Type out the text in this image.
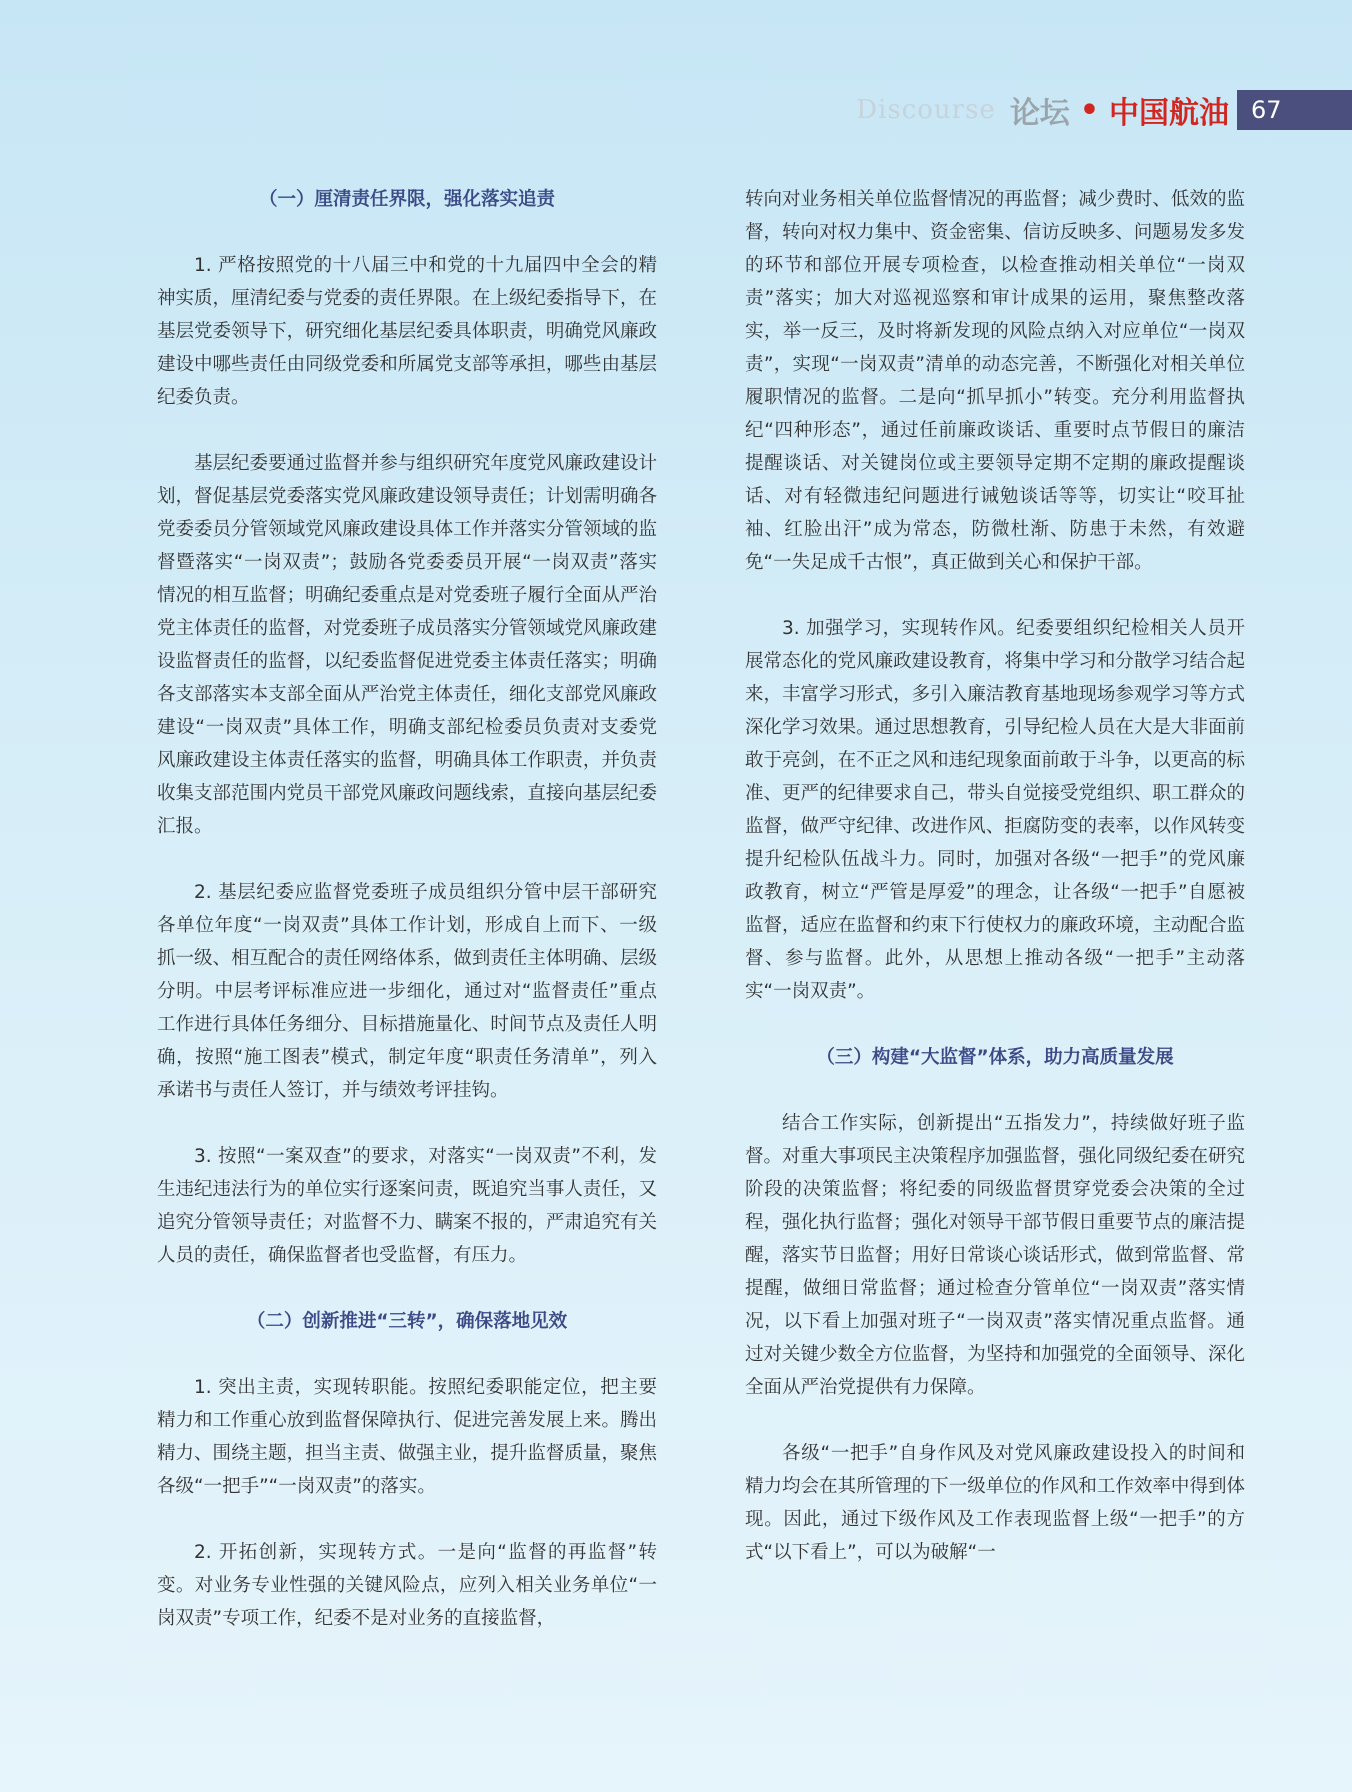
Discourse 论坛 • 中国航油 67
（一）厘清责任界限，强化落实追责

1. 严格按照党的十八届三中和党的十九届四中全会的精神实质，厘清纪委与党委的责任界限。在上级纪委指导下，在基层党委领导下，研究细化基层纪委具体职责，明确党风廉政建设中哪些责任由同级党委和所属党支部等承担，哪些由基层纪委负责。

基层纪委要通过监督并参与组织研究年度党风廉政建设计划，督促基层党委落实党风廉政建设领导责任；计划需明确各党委委员分管领域党风廉政建设具体工作并落实分管领域的监督暨落实“一岗双责”；鼓励各党委委员开展“一岗双责”落实情况的相互监督；明确纪委重点是对党委班子履行全面从严治党主体责任的监督，对党委班子成员落实分管领域党风廉政建设监督责任的监督，以纪委监督促进党委主体责任落实；明确各支部落实本支部全面从严治党主体责任，细化支部党风廉政建设“一岗双责”具体工作，明确支部纪检委员负责对支委党风廉政建设主体责任落实的监督，明确具体工作职责，并负责收集支部范围内党员干部党风廉政问题线索，直接向基层纪委汇报。

2. 基层纪委应监督党委班子成员组织分管中层干部研究各单位年度“一岗双责”具体工作计划，形成自上而下、一级抓一级、相互配合的责任网络体系，做到责任主体明确、层级分明。中层考评标准应进一步细化，通过对“监督责任”重点工作进行具体任务细分、目标措施量化、时间节点及责任人明确，按照“施工图表”模式，制定年度“职责任务清单”，列入承诺书与责任人签订，并与绩效考评挂钩。

3. 按照“一案双查”的要求，对落实“一岗双责”不利，发生违纪违法行为的单位实行逐案问责，既追究当事人责任，又追究分管领导责任；对监督不力、瞒案不报的，严肃追究有关人员的责任，确保监督者也受监督，有压力。

（二）创新推进“三转”，确保落地见效

1. 突出主责，实现转职能。按照纪委职能定位，把主要精力和工作重心放到监督保障执行、促进完善发展上来。腾出精力、围绕主题，担当主责、做强主业，提升监督质量，聚焦各级“一把手”“一岗双责”的落实。

2. 开拓创新，实现转方式。一是向“监督的再监督”转变。对业务专业性强的关键风险点，应列入相关业务单位“一岗双责”专项工作，纪委不是对业务的直接监督，

转向对业务相关单位监督情况的再监督；减少费时、低效的监督，转向对权力集中、资金密集、信访反映多、问题易发多发的环节和部位开展专项检查，以检查推动相关单位“一岗双责”落实；加大对巡视巡察和审计成果的运用，聚焦整改落实，举一反三，及时将新发现的风险点纳入对应单位“一岗双责”，实现“一岗双责”清单的动态完善，不断强化对相关单位履职情况的监督。二是向“抓早抓小”转变。充分利用监督执纪“四种形态”，通过任前廉政谈话、重要时点节假日的廉洁提醒谈话、对关键岗位或主要领导定期不定期的廉政提醒谈话、对有轻微违纪问题进行诫勉谈话等等，切实让“咬耳扯袖、红脸出汗”成为常态，防微杜渐、防患于未然，有效避免“一失足成千古恨”，真正做到关心和保护干部。

3. 加强学习，实现转作风。纪委要组织纪检相关人员开展常态化的党风廉政建设教育，将集中学习和分散学习结合起来，丰富学习形式，多引入廉洁教育基地现场参观学习等方式深化学习效果。通过思想教育，引导纪检人员在大是大非面前敢于亮剑，在不正之风和违纪现象面前敢于斗争，以更高的标准、更严的纪律要求自己，带头自觉接受党组织、职工群众的监督，做严守纪律、改进作风、拒腐防变的表率，以作风转变提升纪检队伍战斗力。同时，加强对各级“一把手”的党风廉政教育，树立“严管是厚爱”的理念，让各级“一把手”自愿被监督，适应在监督和约束下行使权力的廉政环境，主动配合监督、参与监督。此外，从思想上推动各级“一把手”主动落实“一岗双责”。

（三）构建“大监督”体系，助力高质量发展

结合工作实际，创新提出“五指发力”，持续做好班子监督。对重大事项民主决策程序加强监督，强化同级纪委在研究阶段的决策监督；将纪委的同级监督贯穿党委会决策的全过程，强化执行监督；强化对领导干部节假日重要节点的廉洁提醒，落实节日监督；用好日常谈心谈话形式，做到常监督、常提醒，做细日常监督；通过检查分管单位“一岗双责”落实情况，以下看上加强对班子“一岗双责”落实情况重点监督。通过对关键少数全方位监督，为坚持和加强党的全面领导、深化全面从严治党提供有力保障。

各级“一把手”自身作风及对党风廉政建设投入的时间和精力均会在其所管理的下一级单位的作风和工作效率中得到体现。因此，通过下级作风及工作表现监督上级“一把手”的方式“以下看上”，可以为破解“一
